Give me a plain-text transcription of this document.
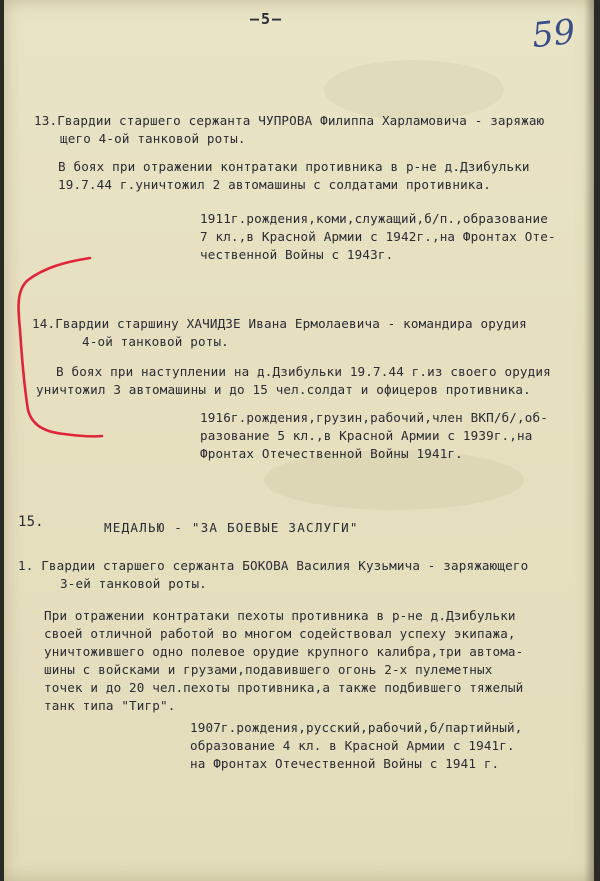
—5—	59

13.Гвардии старшего сержанта ЧУПРОВА Филиппа Харламовича - заряжаю

щего 4-ой танковой роты.

В боях при отражении контратаки противника в р-не д.Дзибульки

19.7.44 г.уничтожил 2 автомашины с солдатами противника.

1911г.рождения,коми,служащий,б/п.,образование

7 кл.,в Красной Армии с 1942г.,на Фронтах Оте-

чественной Войны с 1943г.

14.Гвардии старшину ХАЧИДЗЕ Ивана Ермолаевича - командира орудия

4-ой танковой роты.

В боях при наступлении на д.Дзибульки 19.7.44 г.из своего орудия

уничтожил 3 автомашины и до 15 чел.солдат и офицеров противника.

1916г.рождения,грузин,рабочий,член ВКП/б/,об-

разование 5 кл.,в Красной Армии с 1939г.,на

Фронтах Отечественной Войны 1941г.

15.	МЕДАЛЬЮ - "ЗА БОЕВЫЕ ЗАСЛУГИ"

1. Гвардии старшего сержанта БОКОВА Василия Кузьмича - заряжающего

3-ей танковой роты.

При отражении контратаки пехоты противника в р-не д.Дзибульки

своей отличной работой во многом содействовал успеху экипажа,

уничтожившего одно полевое орудие крупного калибра,три автома-

шины с войсками и грузами,подавившего огонь 2-х пулеметных

точек и до 20 чел.пехоты противника,а также подбившего тяжелый

танк типа "Тигр".

1907г.рождения,русский,рабочий,б/партийный,

образование 4 кл. в Красной Армии с 1941г.

на Фронтах Отечественной Войны с 1941 г.
